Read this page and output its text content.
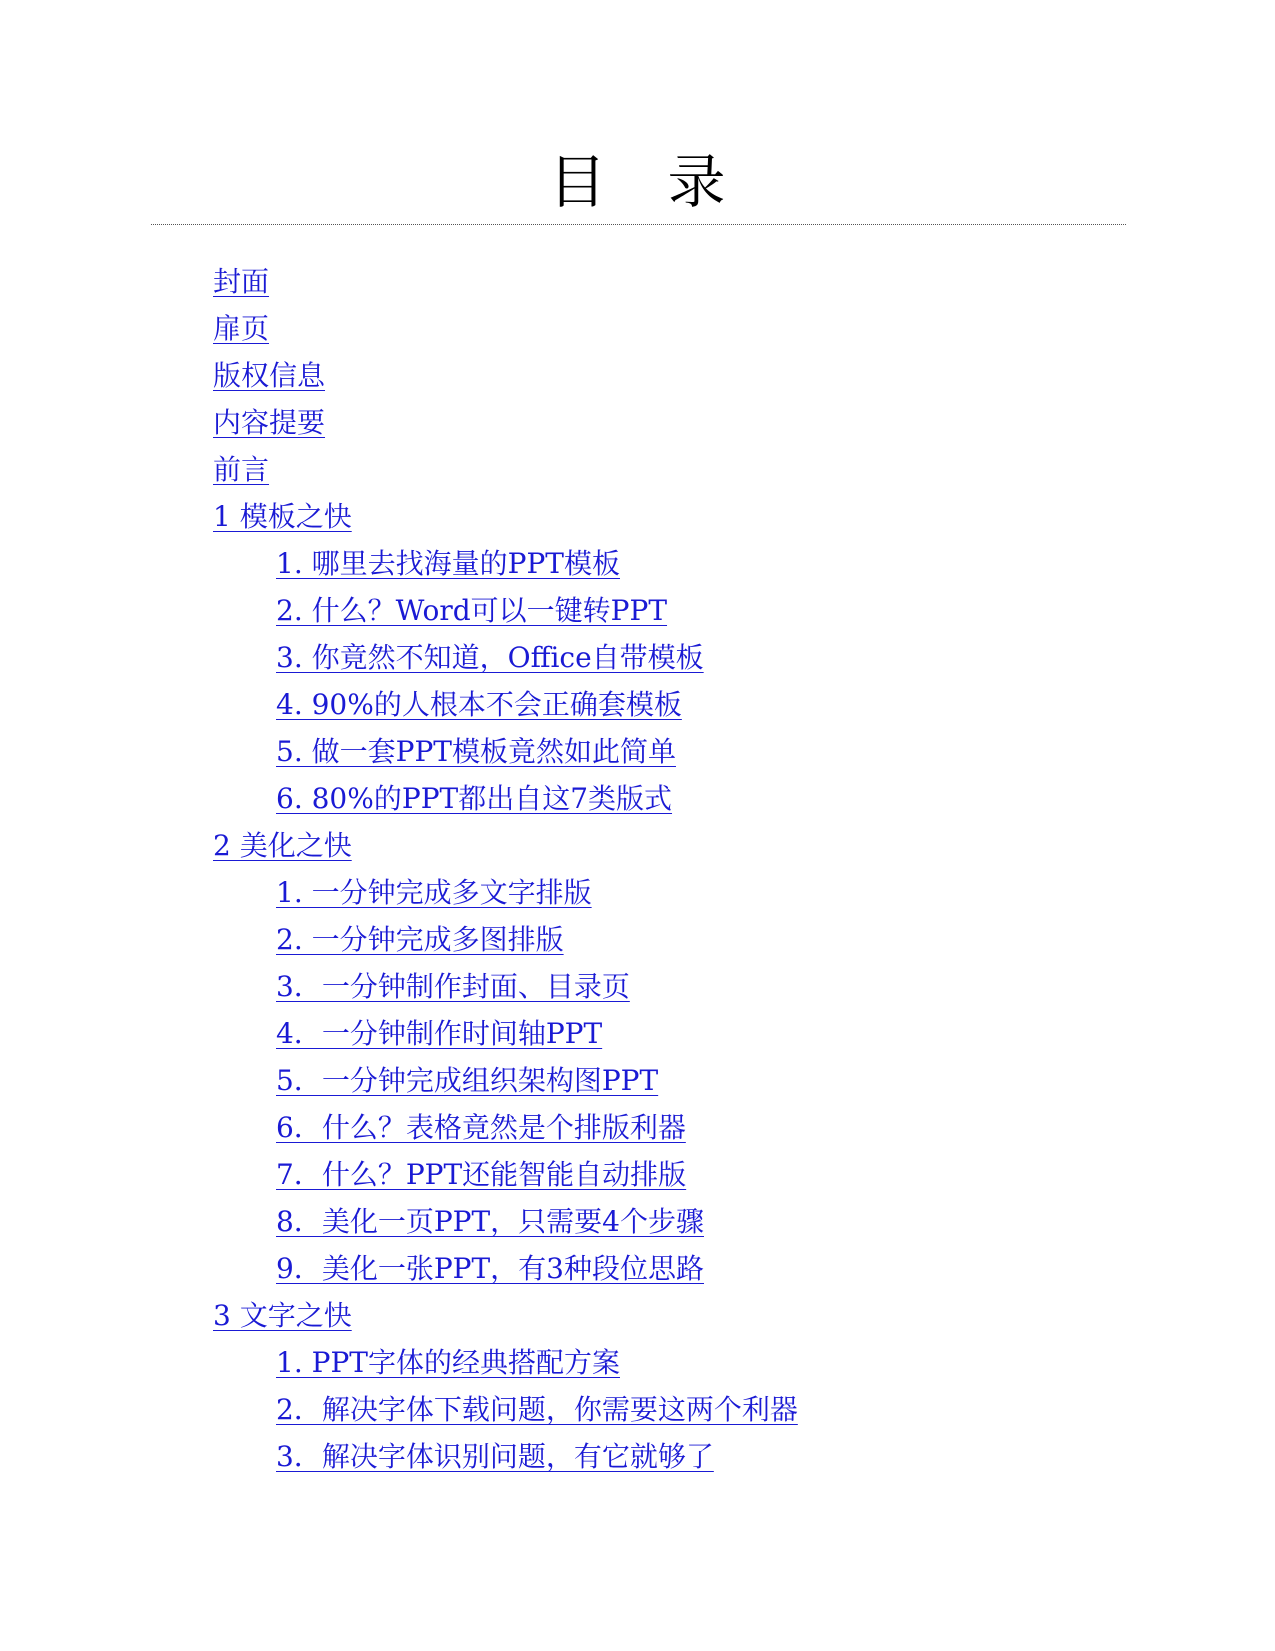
目 录
封面
扉页
版权信息
内容提要
前言
1 模板之快
1. 哪里去找海量的PPT模板
2. 什么？Word可以一键转PPT
3. 你竟然不知道，Office自带模板
4. 90%的人根本不会正确套模板
5. 做一套PPT模板竟然如此简单
6. 80%的PPT都出自这7类版式
2 美化之快
1. 一分钟完成多文字排版
2. 一分钟完成多图排版
3．一分钟制作封面、目录页
4．一分钟制作时间轴PPT
5．一分钟完成组织架构图PPT
6．什么？表格竟然是个排版利器
7．什么？PPT还能智能自动排版
8．美化一页PPT，只需要4个步骤
9．美化一张PPT，有3种段位思路
3 文字之快
1. PPT字体的经典搭配方案
2．解决字体下载问题，你需要这两个利器
3．解决字体识别问题，有它就够了
